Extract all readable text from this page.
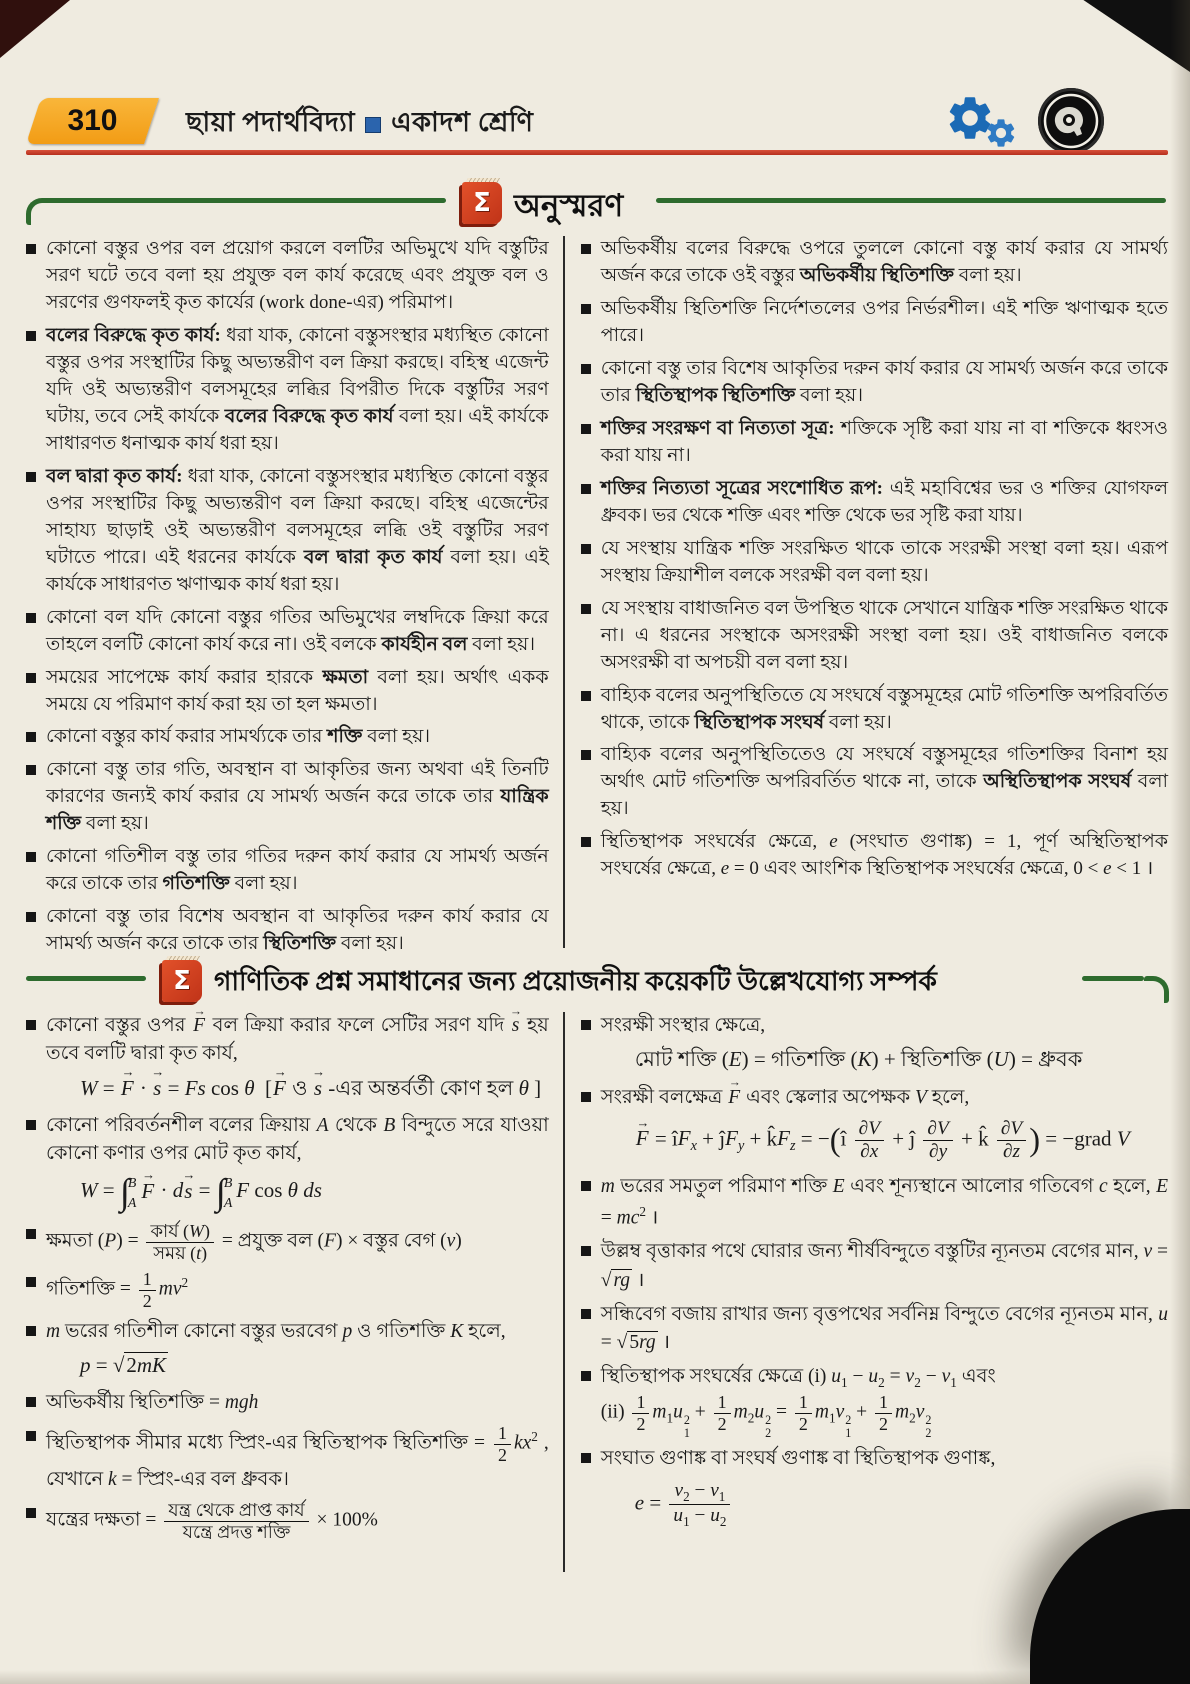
310	ছায়া পদার্থবিদ্যা একাদশ শ্রেণি
Σ অনুস্মরণ
কোনো বস্তুর ওপর বল প্রয়োগ করলে বলটির অভিমুখে যদি বস্তুটির সরণ ঘটে তবে বলা হয় প্রযুক্ত বল কার্য করেছে এবং প্রযুক্ত বল ও সরণের গুণফলই কৃত কার্যের (work done-এর) পরিমাপ।
বলের বিরুদ্ধে কৃত কার্য: ধরা যাক, কোনো বস্তুসংস্থার মধ্যস্থিত কোনো বস্তুর ওপর সংস্থাটির কিছু অভ্যন্তরীণ বল ক্রিয়া করছে। বহিস্থ এজেন্ট যদি ওই অভ্যন্তরীণ বলসমূহের লব্ধির বিপরীত দিকে বস্তুটির সরণ ঘটায়, তবে সেই কার্যকে বলের বিরুদ্ধে কৃত কার্য বলা হয়। এই কার্যকে সাধারণত ধনাত্মক কার্য ধরা হয়।
বল দ্বারা কৃত কার্য: ধরা যাক, কোনো বস্তুসংস্থার মধ্যস্থিত কোনো বস্তুর ওপর সংস্থাটির কিছু অভ্যন্তরীণ বল ক্রিয়া করছে। বহিস্থ এজেন্টের সাহায্য ছাড়াই ওই অভ্যন্তরীণ বলসমূহের লব্ধি ওই বস্তুটির সরণ ঘটাতে পারে। এই ধরনের কার্যকে বল দ্বারা কৃত কার্য বলা হয়। এই কার্যকে সাধারণত ঋণাত্মক কার্য ধরা হয়।
কোনো বল যদি কোনো বস্তুর গতির অভিমুখের লম্বদিকে ক্রিয়া করে তাহলে বলটি কোনো কার্য করে না। ওই বলকে কার্যহীন বল বলা হয়।
সময়ের সাপেক্ষে কার্য করার হারকে ক্ষমতা বলা হয়। অর্থাৎ একক সময়ে যে পরিমাণ কার্য করা হয় তা হল ক্ষমতা।
কোনো বস্তুর কার্য করার সামর্থ্যকে তার শক্তি বলা হয়।
কোনো বস্তু তার গতি, অবস্থান বা আকৃতির জন্য অথবা এই তিনটি কারণের জন্যই কার্য করার যে সামর্থ্য অর্জন করে তাকে তার যান্ত্রিক শক্তি বলা হয়।
কোনো গতিশীল বস্তু তার গতির দরুন কার্য করার যে সামর্থ্য অর্জন করে তাকে তার গতিশক্তি বলা হয়।
কোনো বস্তু তার বিশেষ অবস্থান বা আকৃতির দরুন কার্য করার যে সামর্থ্য অর্জন করে তাকে তার স্থিতিশক্তি বলা হয়।
অভিকর্ষীয় বলের বিরুদ্ধে ওপরে তুললে কোনো বস্তু কার্য করার যে সামর্থ্য অর্জন করে তাকে ওই বস্তুর অভিকর্ষীয় স্থিতিশক্তি বলা হয়।
অভিকর্ষীয় স্থিতিশক্তি নির্দেশতলের ওপর নির্ভরশীল। এই শক্তি ঋণাত্মক হতে পারে।
কোনো বস্তু তার বিশেষ আকৃতির দরুন কার্য করার যে সামর্থ্য অর্জন করে তাকে তার স্থিতিস্থাপক স্থিতিশক্তি বলা হয়।
শক্তির সংরক্ষণ বা নিত্যতা সূত্র: শক্তিকে সৃষ্টি করা যায় না বা শক্তিকে ধ্বংসও করা যায় না।
শক্তির নিত্যতা সূত্রের সংশোধিত রূপ: এই মহাবিশ্বের ভর ও শক্তির যোগফল ধ্রুবক। ভর থেকে শক্তি এবং শক্তি থেকে ভর সৃষ্টি করা যায়।
যে সংস্থায় যান্ত্রিক শক্তি সংরক্ষিত থাকে তাকে সংরক্ষী সংস্থা বলা হয়। এরূপ সংস্থায় ক্রিয়াশীল বলকে সংরক্ষী বল বলা হয়।
যে সংস্থায় বাধাজনিত বল উপস্থিত থাকে সেখানে যান্ত্রিক শক্তি সংরক্ষিত থাকে না। এ ধরনের সংস্থাকে অসংরক্ষী সংস্থা বলা হয়। ওই বাধাজনিত বলকে অসংরক্ষী বা অপচয়ী বল বলা হয়।
বাহ্যিক বলের অনুপস্থিতিতে যে সংঘর্ষে বস্তুসমূহের মোট গতিশক্তি অপরিবর্তিত থাকে, তাকে স্থিতিস্থাপক সংঘর্ষ বলা হয়।
বাহ্যিক বলের অনুপস্থিতিতেও যে সংঘর্ষে বস্তুসমূহের গতিশক্তির বিনাশ হয় অর্থাৎ মোট গতিশক্তি অপরিবর্তিত থাকে না, তাকে অস্থিতিস্থাপক সংঘর্ষ বলা হয়।
স্থিতিস্থাপক সংঘর্ষের ক্ষেত্রে, e (সংঘাত গুণাঙ্ক) = 1, পূর্ণ অস্থিতিস্থাপক সংঘর্ষের ক্ষেত্রে, e = 0 এবং আংশিক স্থিতিস্থাপক সংঘর্ষের ক্ষেত্রে, 0 < e < 1 ।
Σ গাণিতিক প্রশ্ন সমাধানের জন্য প্রয়োজনীয় কয়েকটি উল্লেখযোগ্য সম্পর্ক
কোনো বস্তুর ওপর → F বল ক্রিয়া করার ফলে সেটির সরণ যদি → s হয় তবে বলটি দ্বারা কৃত কার্য,
W = → F · → s = Fs cos θ  [→ F ও → s -এর অন্তর্বর্তী কোণ হল θ ]
কোনো পরিবর্তনশীল বলের ক্রিয়ায় A থেকে B বিন্দুতে সরে যাওয়া কোনো কণার ওপর মোট কৃত কার্য,
W = ∫
B
A → F · d→ s = ∫
B
A F cos θ ds
ক্ষমতা $(P) = \frac{\text{কার্য (W)}}{\text{সময় (t)}}$ = প্রযুক্ত বল (F) × বস্তুর বেগ (v)
গতিশক্তি = $\frac{1}{2} mv^2$
m ভরের গতিশীল কোনো বস্তুর ভরবেগ p ও গতিশক্তি K হলে,
p = √2mK
অভিকর্ষীয় স্থিতিশক্তি = mgh
স্থিতিস্থাপক সীমার মধ্যে স্প্রিং-এর স্থিতিস্থাপক স্থিতিশক্তি = $\frac{1}{2} kx^2$ , যেখানে k = স্প্রিং-এর বল ধ্রুবক।
যন্ত্রের দক্ষতা = $\frac{\text{যন্ত্র থেকে প্রাপ্ত কার্য}}{\text{যন্ত্রে প্রদত্ত শক্তি}} \times 100\%$
সংরক্ষী সংস্থার ক্ষেত্রে,
মোট শক্তি (E) = গতিশক্তি (K) + স্থিতিশক্তি (U) = ধ্রুবক
সংরক্ষী বলক্ষেত্র → F এবং স্কেলার অপেক্ষক V হলে,
→ $F = îF_x$ + $ĵF_y$ + $k̂F_z$ = −(î $\frac{\partial V}{\partial x}$ + ĵ $\frac{\partial V}{\partial y}$ + k̂ $\frac{\partial V}{\partial z}$ ) = −grad V
m ভরের সমতুল পরিমাণ শক্তি E এবং শূন্যস্থানে আলোর গতিবেগ c হলে, $E = mc^2$ ।
উল্লম্ব বৃত্তাকার পথে ঘোরার জন্য শীর্ষবিন্দুতে বস্তুটির ন্যূনতম বেগের মান, v = √ rg ।
সন্ধিবেগ বজায় রাখার জন্য বৃত্তপথের সর্বনিম্ন বিন্দুতে বেগের ন্যূনতম মান, u = √ 5rg ।
স্থিতিস্থাপক সংঘর্ষের ক্ষেত্রে (i) $u_1 - u_2 = v_2 - v_1$ এবং
$(ii) \frac{1}{2} m_1u$ 2
1
+ $\frac{1}{2} m_2u$ 2
2
= $\frac{1}{2} m_1v$ 2
1
+ $\frac{1}{2} m_2v$ 2
2
সংঘাত গুণাঙ্ক বা সংঘর্ষ গুণাঙ্ক বা স্থিতিস্থাপক গুণাঙ্ক,
$e = \frac{v_2 - v_1}{u_1 - u_2}$
